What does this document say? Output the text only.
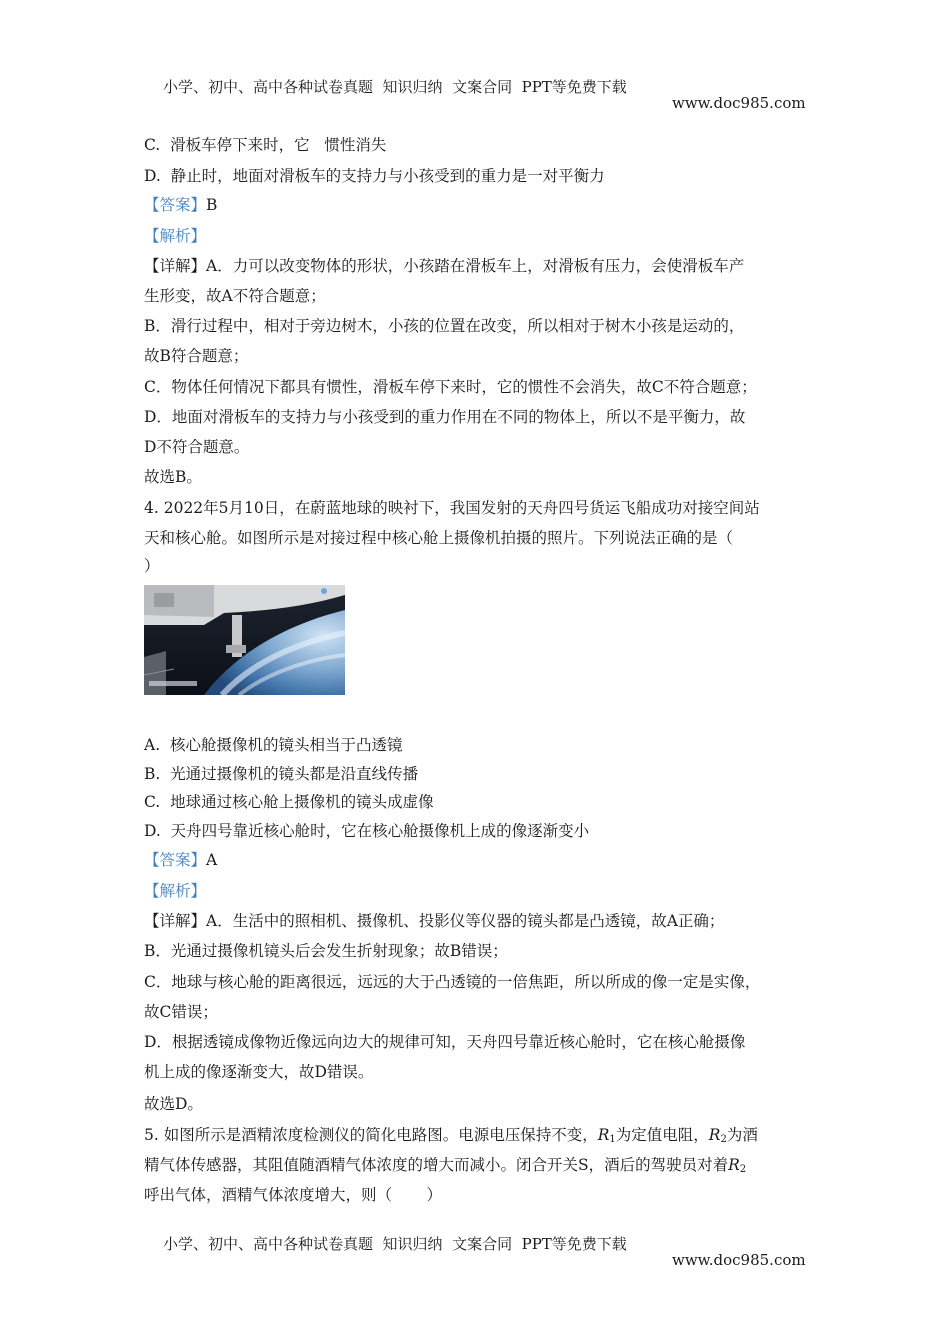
小学、初中、高中各种试卷真题  知识归纳  文案合同  PPT等免费下载

www.doc985.com

C.  滑板车停下来时，它   惯性消失
D.  静止时，地面对滑板车的支持力与小孩受到的重力是一对平衡力
【答案】B
【解析】
【详解】A．力可以改变物体的形状，小孩踏在滑板车上，对滑板有压力，会使滑板车产
生形变，故A不符合题意；
B．滑行过程中，相对于旁边树木，小孩的位置在改变，所以相对于树木小孩是运动的，
故B符合题意；
C．物体任何情况下都具有惯性，滑板车停下来时，它的惯性不会消失，故C不符合题意；
D．地面对滑板车的支持力与小孩受到的重力作用在不同的物体上，所以不是平衡力，故
D不符合题意。
故选B。
4. 2022年5月10日，在蔚蓝地球的映衬下，我国发射的天舟四号货运飞船成功对接空间站
天和核心舱。如图所示是对接过程中核心舱上摄像机拍摄的照片。下列说法正确的是（
）
A.  核心舱摄像机的镜头相当于凸透镜
B.  光通过摄像机的镜头都是沿直线传播
C.  地球通过核心舱上摄像机的镜头成虚像
D.  天舟四号靠近核心舱时，它在核心舱摄像机上成的像逐渐变小
【答案】A
【解析】
【详解】A．生活中的照相机、摄像机、投影仪等仪器的镜头都是凸透镜，故A正确；
B．光通过摄像机镜头后会发生折射现象；故B错误；
C．地球与核心舱的距离很远，远远的大于凸透镜的一倍焦距，所以所成的像一定是实像，
故C错误；
D．根据透镜成像物近像远向边大的规律可知，天舟四号靠近核心舱时，它在核心舱摄像
机上成的像逐渐变大，故D错误。
故选D。
5. 如图所示是酒精浓度检测仪的简化电路图。电源电压保持不变，$R_1$为定值电阻，$R_2$为酒
精气体传感器，其阻值随酒精气体浓度的增大而减小。闭合开关S，酒后的驾驶员对着$R_2$
呼出气体，酒精气体浓度增大，则（       ）

小学、初中、高中各种试卷真题  知识归纳  文案合同  PPT等免费下载

www.doc985.com
